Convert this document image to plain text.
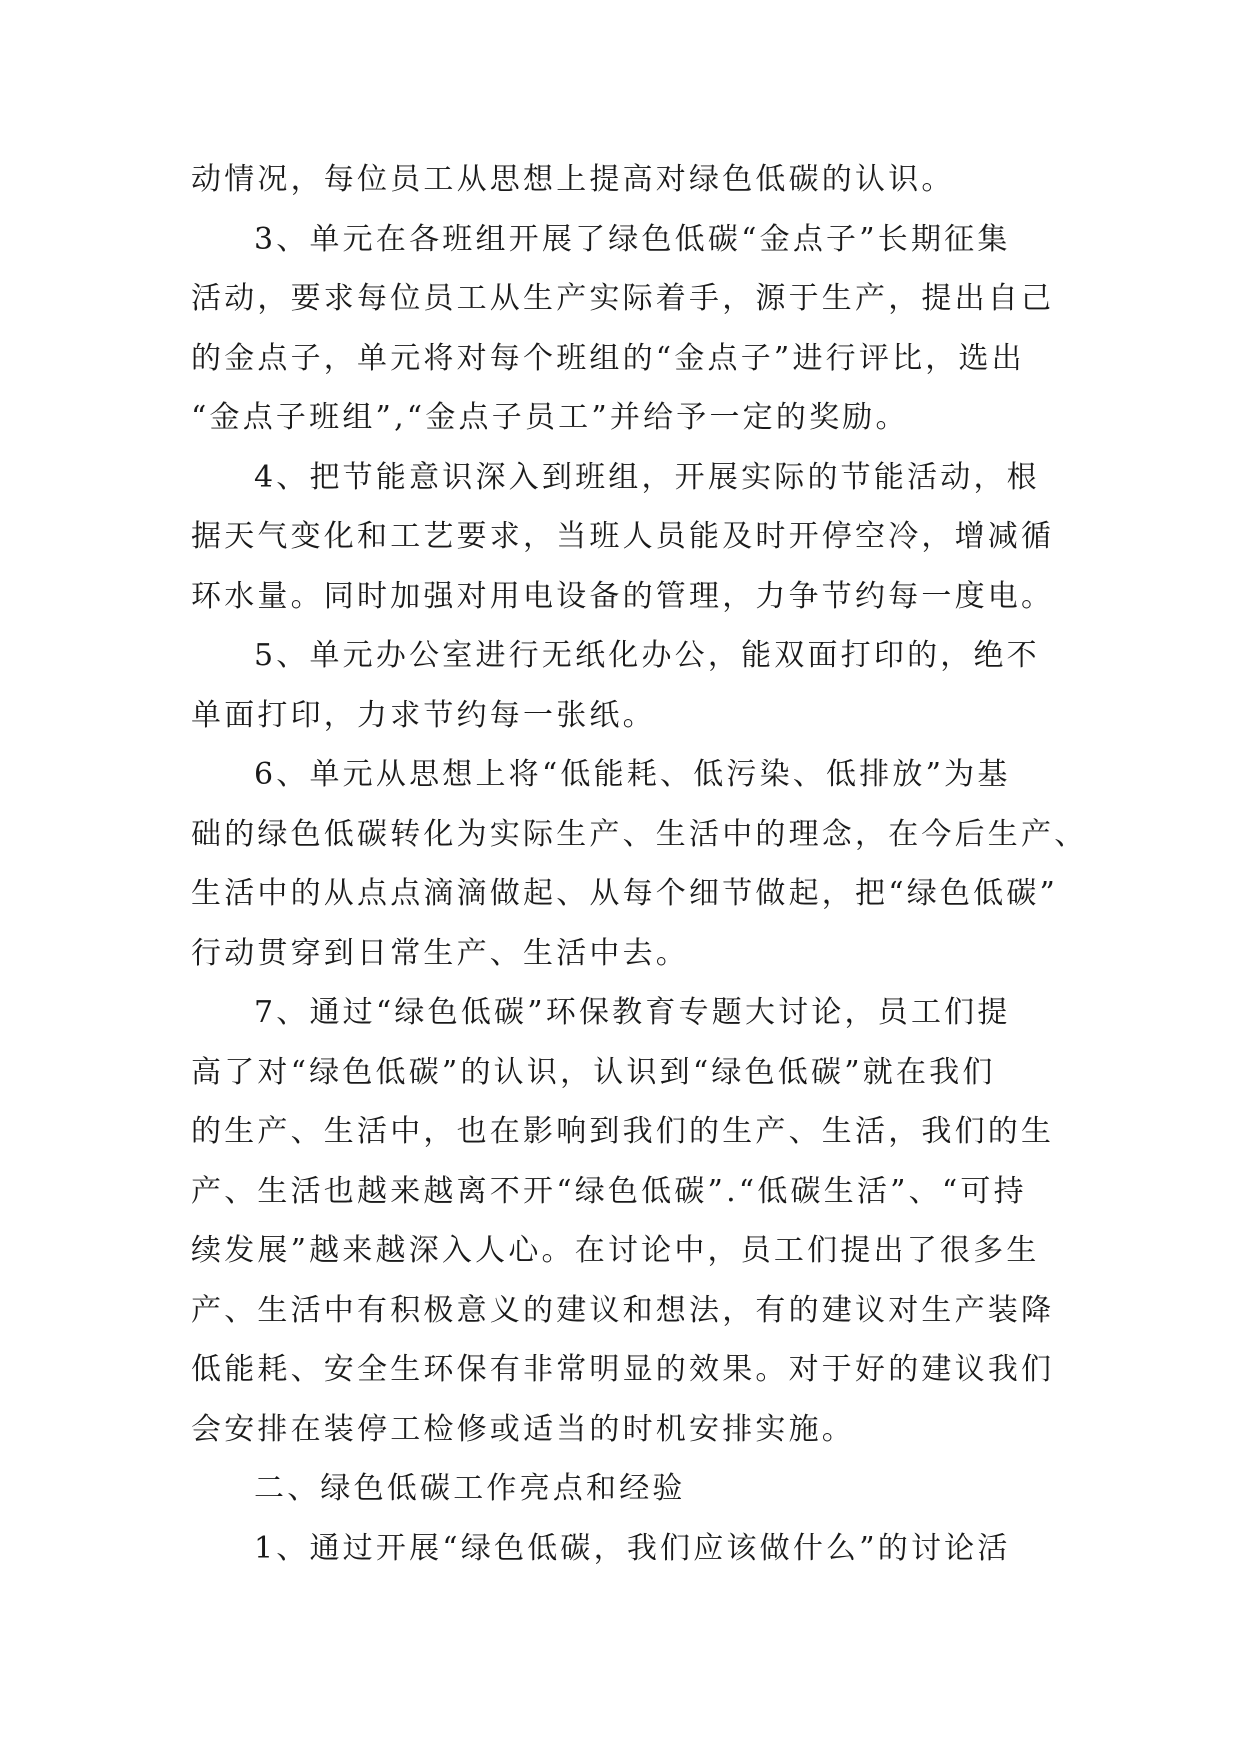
动情况，每位员工从思想上提高对绿色低碳的认识。
3、单元在各班组开展了绿色低碳“金点子”长期征集
活动，要求每位员工从生产实际着手，源于生产，提出自己
的金点子，单元将对每个班组的“金点子”进行评比，选出
“金点子班组”,“金点子员工”并给予一定的奖励。
4、把节能意识深入到班组，开展实际的节能活动，根
据天气变化和工艺要求，当班人员能及时开停空冷，增减循
环水量。同时加强对用电设备的管理，力争节约每一度电。
5、单元办公室进行无纸化办公，能双面打印的，绝不
单面打印，力求节约每一张纸。
6、单元从思想上将“低能耗、低污染、低排放”为基
础的绿色低碳转化为实际生产、生活中的理念，在今后生产、
生活中的从点点滴滴做起、从每个细节做起，把“绿色低碳”
行动贯穿到日常生产、生活中去。
7、通过“绿色低碳”环保教育专题大讨论，员工们提
高了对“绿色低碳”的认识，认识到“绿色低碳”就在我们
的生产、生活中，也在影响到我们的生产、生活，我们的生
产、生活也越来越离不开“绿色低碳”.“低碳生活”、“可持
续发展”越来越深入人心。在讨论中，员工们提出了很多生
产、生活中有积极意义的建议和想法，有的建议对生产装降
低能耗、安全生环保有非常明显的效果。对于好的建议我们
会安排在装停工检修或适当的时机安排实施。
二、绿色低碳工作亮点和经验
1、通过开展“绿色低碳，我们应该做什么”的讨论活
